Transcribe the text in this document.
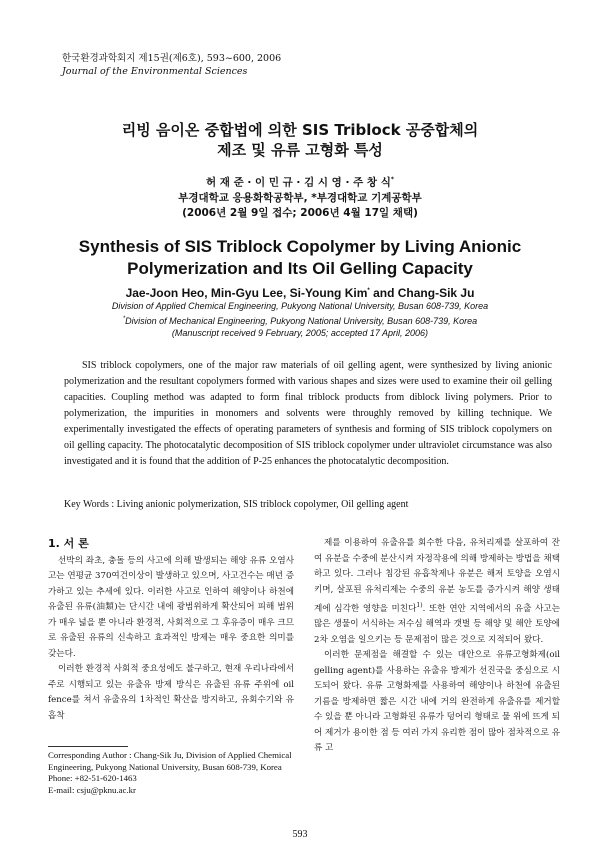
한국환경과학회지 제15권(제6호), 593~600, 2006
Journal of the Environmental Sciences
리빙 음이온 중합법에 의한 SIS Triblock 공중합체의
제조 및 유류 고형화 특성
허 재 준 · 이 민 규 · 김 시 영 · 주 창 식*
부경대학교 응용화학공학부, *부경대학교 기계공학부
(2006년 2월 9일 접수; 2006년 4월 17일 채택)
Synthesis of SIS Triblock Copolymer by Living Anionic
Polymerization and Its Oil Gelling Capacity
Jae-Joon Heo, Min-Gyu Lee, Si-Young Kim* and Chang-Sik Ju
Division of Applied Chemical Engineering, Pukyong National University, Busan 608-739, Korea
*Division of Mechanical Engineering, Pukyong National University, Busan 608-739, Korea
(Manuscript received 9 February, 2005; accepted 17 April, 2006)

SIS triblock copolymers, one of the major raw materials of oil gelling agent, were synthesized by living anionic polymerization and the resultant copolymers formed with various shapes and sizes were used to examine their oil gelling capacities. Coupling method was adapted to form final triblock products from diblock living polymers. Prior to polymerization, the impurities in monomers and solvents were throughly removed by killing technique. We experimentally investigated the effects of operating parameters of synthesis and forming of SIS triblock copolymers on oil gelling capacity. The photocatalytic decomposition of SIS triblock copolymer under ultraviolet circumstance was also investigated and it is found that the addition of P-25 enhances the photocatalytic decomposition.

Key Words : Living anionic polymerization, SIS triblock copolymer, Oil gelling agent

1. 서 론

선박의 좌초, 충돌 등의 사고에 의해 발생되는 해양 유류 오염사고는 연평균 370여건이상이 발생하고 있으며, 사고건수는 매년 증가하고 있는 추세에 있다. 이러한 사고로 인하여 해양이나 하천에 유출된 유류(油類)는 단시간 내에 광범위하게 확산되어 피해 범위가 매우 넓을 뿐 아니라 환경적, 사회적으로 그 후유증이 매우 크므로 유출된 유류의 신속하고 효과적인 방제는 매우 중요한 의미를 갖는다.

이러한 환경적 사회적 중요성에도 불구하고, 현재 우리나라에서 주로 시행되고 있는 유출유 방제 방식은 유출된 유류 주위에 oil fence를 쳐서 유출유의 1차적인 확산을 방지하고, 유회수기와 유흡착

제를 이용하여 유출유를 회수한 다음, 유처리제를 살포하여 잔여 유분을 수중에 분산시켜 자정작용에 의해 방제하는 방법을 채택하고 있다. 그러나 침강된 유흡착제나 유분은 해저 토양을 오염시키며, 살포된 유처리제는 수중의 유분 농도를 증가시켜 해양 생태계에 심각한 영향을 미친다$^{1)}$. 또한 연안 지역에서의 유출 사고는 많은 생물이 서식하는 저수심 해역과 갯벌 등 해양 및 해안 토양에 2차 오염을 일으키는 등 문제점이 많은 것으로 지적되어 왔다.

이러한 문제점을 해결할 수 있는 대안으로 유류고형화제(oil gelling agent)를 사용하는 유출유 방제가 선진국을 중심으로 시도되어 왔다. 유류 고형화제를 사용하여 해양이나 하천에 유출된 기름을 방제하면 짧은 시간 내에 거의 완전하게 유출유를 제거할 수 있을 뿐 아니라 고형화된 유류가 덩어리 형태로 물 위에 뜨게 되어 제거가 용이한 점 등 여러 가지 유리한 점이 많아 점차적으로 유류 고

Corresponding Author : Chang-Sik Ju, Division of Applied Chemical Engineering, Pukyong National University, Busan 608-739, Korea
Phone: +82-51-620-1463
E-mail: csju@pknu.ac.kr
593
